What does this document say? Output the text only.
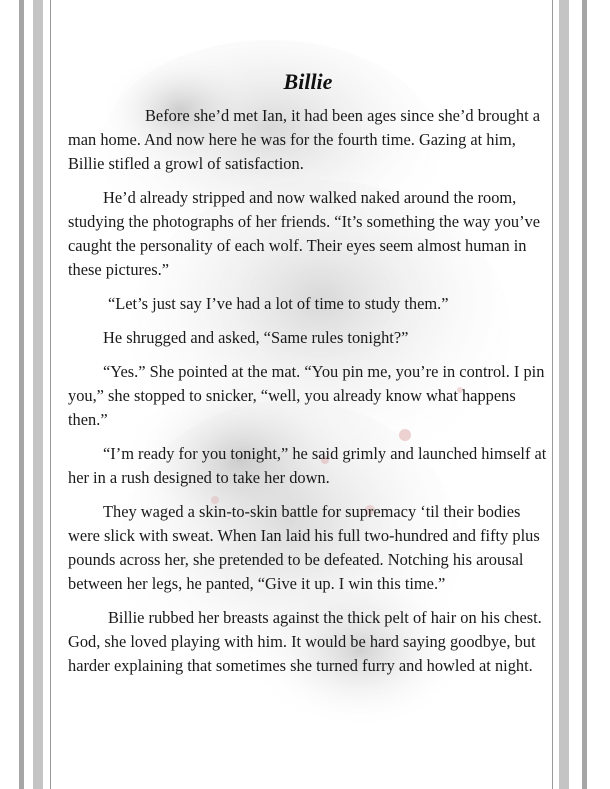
Billie

Before she’d met Ian, it had been ages since she’d brought a man home. And now here he was for the fourth time. Gazing at him, Billie stifled a growl of satisfaction.

He’d already stripped and now walked naked around the room, studying the photographs of her friends. “It’s something the way you’ve caught the personality of each wolf. Their eyes seem almost human in these pictures.”

“Let’s just say I’ve had a lot of time to study them.”

He shrugged and asked, “Same rules tonight?”

“Yes.” She pointed at the mat. “You pin me, you’re in control. I pin you,” she stopped to snicker, “well, you already know what happens then.”

“I’m ready for you tonight,” he said grimly and launched himself at her in a rush designed to take her down.

They waged a skin-to-skin battle for supremacy ‘til their bodies were slick with sweat. When Ian laid his full two-hundred and fifty plus pounds across her, she pretended to be defeated. Notching his arousal between her legs, he panted, “Give it up. I win this time.”

Billie rubbed her breasts against the thick pelt of hair on his chest. God, she loved playing with him. It would be hard saying goodbye, but harder explaining that sometimes she turned furry and howled at night.
